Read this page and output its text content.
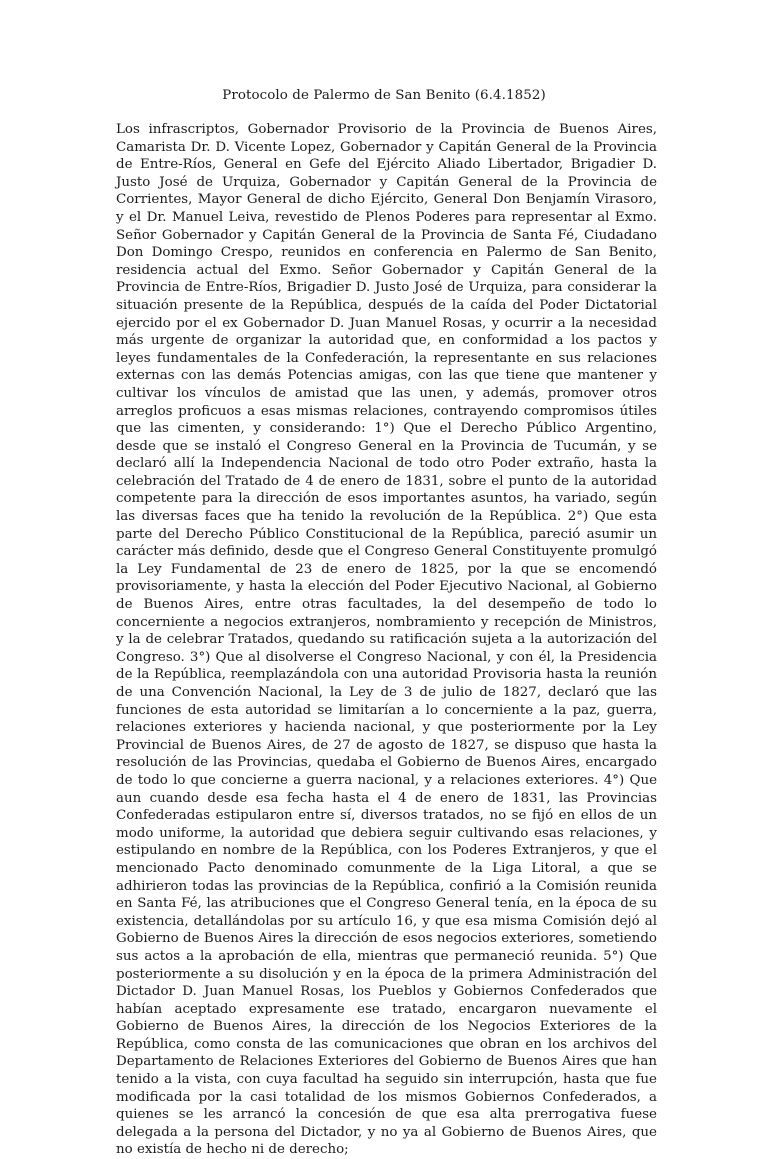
Protocolo de Palermo de San Benito (6.4.1852)

Los infrascriptos, Gobernador Provisorio de la Provincia de Buenos Aires, Camarista Dr. D. Vicente Lopez, Gobernador y Capitán General de la Provincia de Entre-Ríos, General en Gefe del Ejército Aliado Libertador, Brigadier D. Justo José de Urquiza, Gobernador y Capitán General de la Provincia de Corrientes, Mayor General de dicho Ejército, General Don Benjamín Virasoro, y el Dr. Manuel Leiva, revestido de Plenos Poderes para representar al Exmo. Señor Gobernador y Capitán General de la Provincia de Santa Fé, Ciudadano Don Domingo Crespo, reunidos en conferencia en Palermo de San Benito, residencia actual del Exmo. Señor Gobernador y Capitán General de la Provincia de Entre-Ríos, Brigadier D. Justo José de Urquiza, para considerar la situación presente de la República, después de la caída del Poder Dictatorial ejercido por el ex Gobernador D. Juan Manuel Rosas, y ocurrir a la necesidad más urgente de organizar la autoridad que, en conformidad a los pactos y leyes fundamentales de la Confederación, la representante en sus relaciones externas con las demás Potencias amigas, con las que tiene que mantener y cultivar los vínculos de amistad que las unen, y además, promover otros arreglos proficuos a esas mismas relaciones, contrayendo compromisos útiles que las cimenten, y considerando: 1°) Que el Derecho Público Argentino, desde que se instaló el Congreso General en la Provincia de Tucumán, y se declaró allí la Independencia Nacional de todo otro Poder extraño, hasta la celebración del Tratado de 4 de enero de 1831, sobre el punto de la autoridad competente para la dirección de esos importantes asuntos, ha variado, según las diversas faces que ha tenido la revolución de la República. 2°) Que esta parte del Derecho Público Constitucional de la República, pareció asumir un carácter más definido, desde que el Congreso General Constituyente promulgó la Ley Fundamental de 23 de enero de 1825, por la que se encomendó provisoriamente, y hasta la elección del Poder Ejecutivo Nacional, al Gobierno de Buenos Aires, entre otras facultades, la del desempeño de todo lo concerniente a negocios extranjeros, nombramiento y recepción de Ministros, y la de celebrar Tratados, quedando su ratificación sujeta a la autorización del Congreso. 3°) Que al disolverse el Congreso Nacional, y con él, la Presidencia de la República, reemplazándola con una autoridad Provisoria hasta la reunión de una Convención Nacional, la Ley de 3 de julio de 1827, declaró que las funciones de esta autoridad se limitarían a lo concerniente a la paz, guerra, relaciones exteriores y hacienda nacional, y que posteriormente por la Ley Provincial de Buenos Aires, de 27 de agosto de 1827, se dispuso que hasta la resolución de las Provincias, quedaba el Gobierno de Buenos Aires, encargado de todo lo que concierne a guerra nacional, y a relaciones exteriores. 4°) Que aun cuando desde esa fecha hasta el 4 de enero de 1831, las Provincias Confederadas estipularon entre sí, diversos tratados, no se fijó en ellos de un modo uniforme, la autoridad que debiera seguir cultivando esas relaciones, y estipulando en nombre de la República, con los Poderes Extranjeros, y que el mencionado Pacto denominado comunmente de la Liga Litoral, a que se adhirieron todas las provincias de la República, confirió a la Comisión reunida en Santa Fé, las atribuciones que el Congreso General tenía, en la época de su existencia, detallándolas por su artículo 16, y que esa misma Comisión dejó al Gobierno de Buenos Aires la dirección de esos negocios exteriores, sometiendo sus actos a la aprobación de ella, mientras que permaneció reunida. 5°) Que posteriormente a su disolución y en la época de la primera Administración del Dictador D. Juan Manuel Rosas, los Pueblos y Gobiernos Confederados que habían aceptado expresamente ese tratado, encargaron nuevamente el Gobierno de Buenos Aires, la dirección de los Negocios Exteriores de la República, como consta de las comunicaciones que obran en los archivos del Departamento de Relaciones Exteriores del Gobierno de Buenos Aires que han tenido a la vista, con cuya facultad ha seguido sin interrupción, hasta que fue modificada por la casi totalidad de los mismos Gobiernos Confederados, a quienes se les arrancó la concesión de que esa alta prerrogativa fuese delegada a la persona del Dictador, y no ya al Gobierno de Buenos Aires, que no existía de hecho ni de derecho;
